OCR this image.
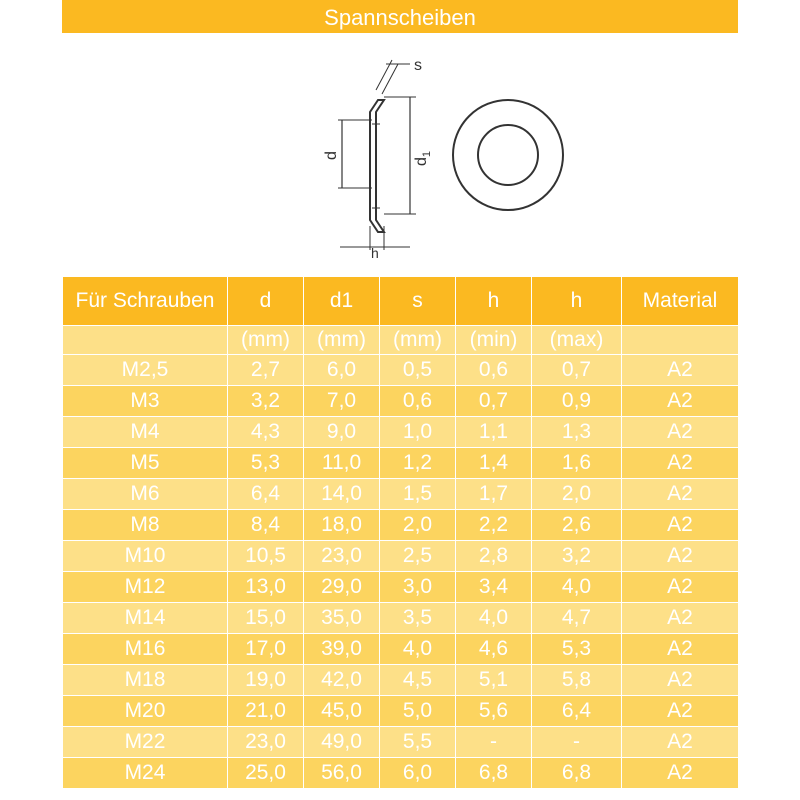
Spannscheiben
s
d
$d_1$
h
Für Schrauben	d	d1	s	h	h	Material
	(mm)	(mm)	(mm)	(min)	(max)	
M2,5	2,7	6,0	0,5	0,6	0,7	A2
M3	3,2	7,0	0,6	0,7	0,9	A2
M4	4,3	9,0	1,0	1,1	1,3	A2
M5	5,3	11,0	1,2	1,4	1,6	A2
M6	6,4	14,0	1,5	1,7	2,0	A2
M8	8,4	18,0	2,0	2,2	2,6	A2
M10	10,5	23,0	2,5	2,8	3,2	A2
M12	13,0	29,0	3,0	3,4	4,0	A2
M14	15,0	35,0	3,5	4,0	4,7	A2
M16	17,0	39,0	4,0	4,6	5,3	A2
M18	19,0	42,0	4,5	5,1	5,8	A2
M20	21,0	45,0	5,0	5,6	6,4	A2
M22	23,0	49,0	5,5	-	-	A2
M24	25,0	56,0	6,0	6,8	6,8	A2
